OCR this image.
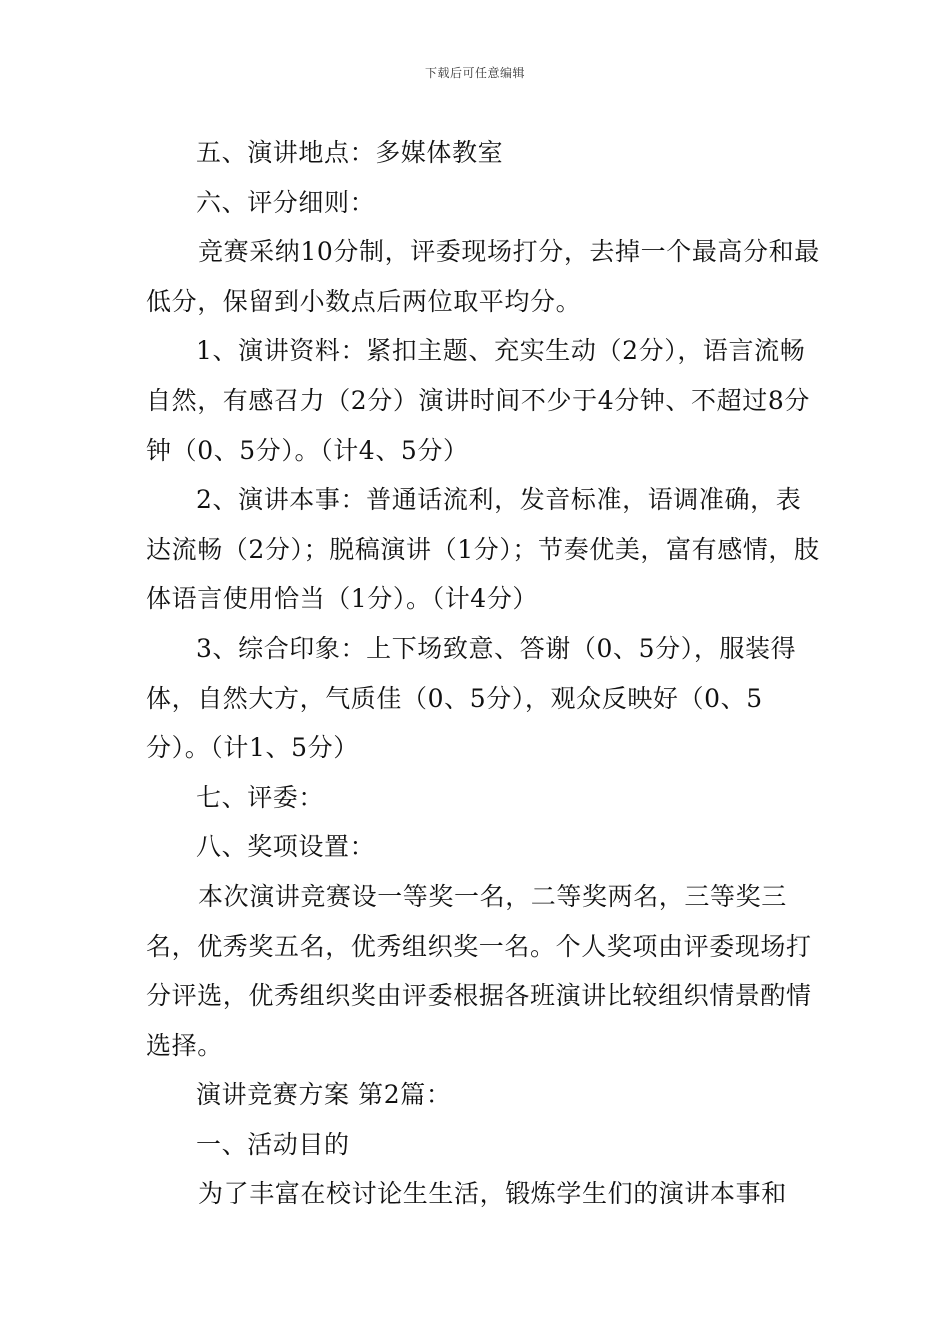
下载后可任意编辑

五、演讲地点：多媒体教室

六、评分细则：

竞赛采纳10分制，评委现场打分，去掉一个最高分和最低分，保留到小数点后两位取平均分。

1、演讲资料：紧扣主题、充实生动（2分），语言流畅自然，有感召力（2分）演讲时间不少于4分钟、不超过8分钟（0、5分）。（计4、5分）

2、演讲本事：普通话流利，发音标准，语调准确，表达流畅（2分）；脱稿演讲（1分）；节奏优美，富有感情，肢体语言使用恰当（1分）。（计4分）

3、综合印象：上下场致意、答谢（0、5分），服装得体，自然大方，气质佳（0、5分），观众反映好（0、5分）。（计1、5分）

七、评委：

八、奖项设置：

本次演讲竞赛设一等奖一名，二等奖两名，三等奖三名，优秀奖五名，优秀组织奖一名。个人奖项由评委现场打分评选，优秀组织奖由评委根据各班演讲比较组织情景酌情选择。

演讲竞赛方案 第2篇：

一、活动目的

为了丰富在校讨论生生活，锻炼学生们的演讲本事和
